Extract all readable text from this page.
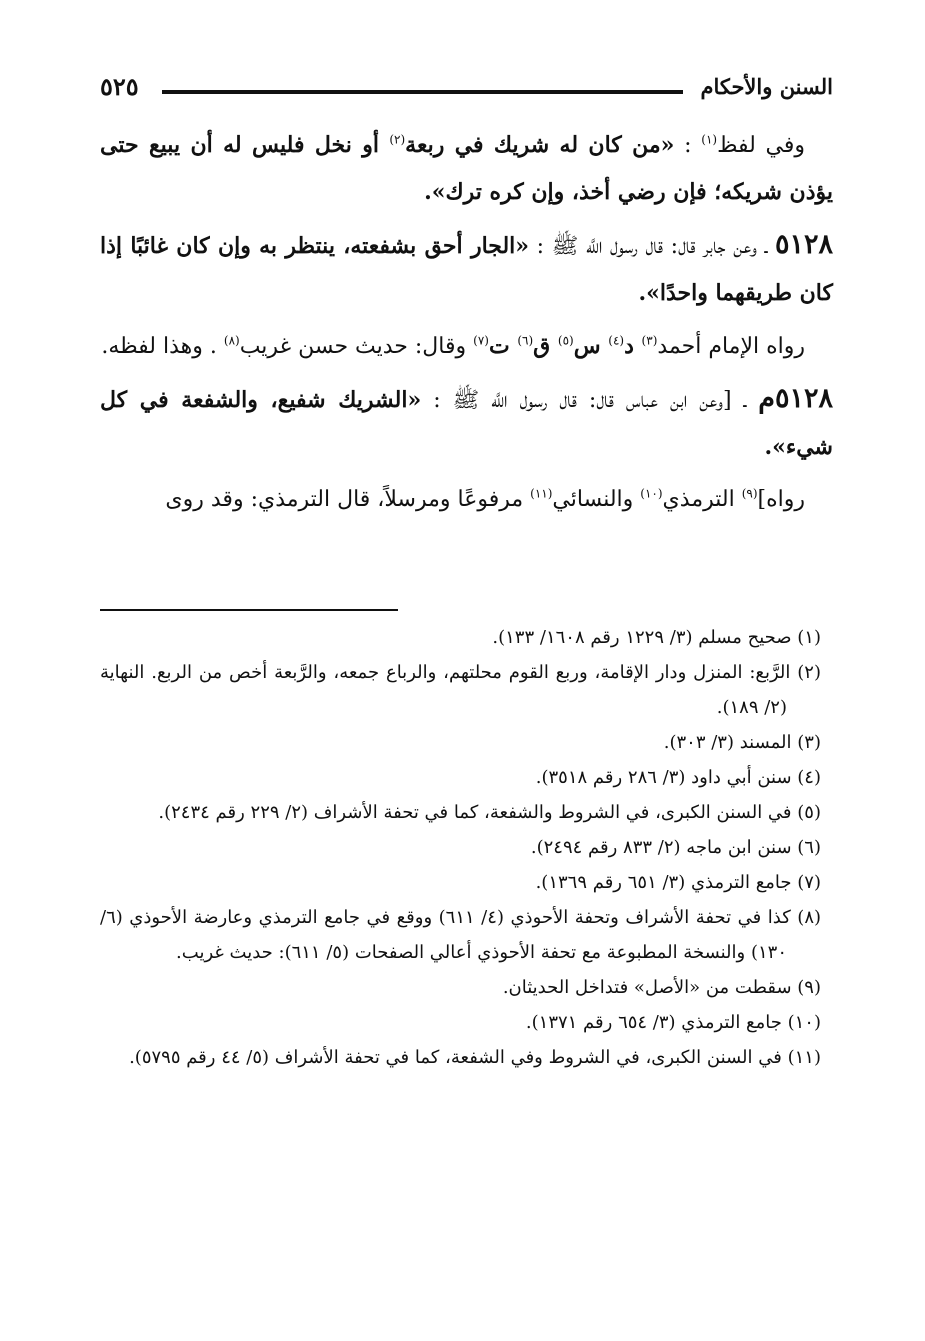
السنن والأحكام
٥٢٥

وفي لفظ$^{(١)}$ : «من كان له شريك في ربعة$^{(٢)}$ أو نخل فليس له أن يبيع حتى يؤذن شريكه؛ فإن رضي أخذ، وإن كره ترك».

٥١٢٨ ـ وعن جابر قال: قال رسول اللَّه ﷺ : «الجار أحق بشفعته، ينتظر به وإن كان غائبًا إذا كان طريقهما واحدًا».

رواه الإمام أحمد$^{(٣)}$ د$^{(٤)}$ س$^{(٥)}$ ق$^{(٦)}$ ت$^{(٧)}$ وقال: حديث حسن غريب$^{(٨)}$ . وهذا لفظه.

٥١٢٨م ـ [وعن ابن عباس قال: قال رسول اللَّه ﷺ : «الشريك شفيع، والشفعة في كل شيء».

رواه]$^{(٩)}$ الترمذي$^{(١٠)}$ والنسائي$^{(١١)}$ مرفوعًا ومرسلاً، قال الترمذي: وقد روى

(١) صحيح مسلم (٣/ ١٢٢٩ رقم ١٦٠٨/ ١٣٣).

(٢) الرَّبع: المنزل ودار الإقامة، وربع القوم محلتهم، والرباع جمعه، والرَّبعة أخص من الربع. النهاية (٢/ ١٨٩).

(٣) المسند (٣/ ٣٠٣).

(٤) سنن أبي داود (٣/ ٢٨٦ رقم ٣٥١٨).

(٥) في السنن الكبرى، في الشروط والشفعة، كما في تحفة الأشراف (٢/ ٢٢٩ رقم ٢٤٣٤).

(٦) سنن ابن ماجه (٢/ ٨٣٣ رقم ٢٤٩٤).

(٧) جامع الترمذي (٣/ ٦٥١ رقم ١٣٦٩).

(٨) كذا في تحفة الأشراف وتحفة الأحوذي (٤/ ٦١١) ووقع في جامع الترمذي وعارضة الأحوذي (٦/ ١٣٠) والنسخة المطبوعة مع تحفة الأحوذي أعالي الصفحات (٥/ ٦١١): حديث غريب.

(٩) سقطت من «الأصل» فتداخل الحديثان.

(١٠) جامع الترمذي (٣/ ٦٥٤ رقم ١٣٧١).

(١١) في السنن الكبرى، في الشروط وفي الشفعة، كما في تحفة الأشراف (٥/ ٤٤ رقم ٥٧٩٥).
